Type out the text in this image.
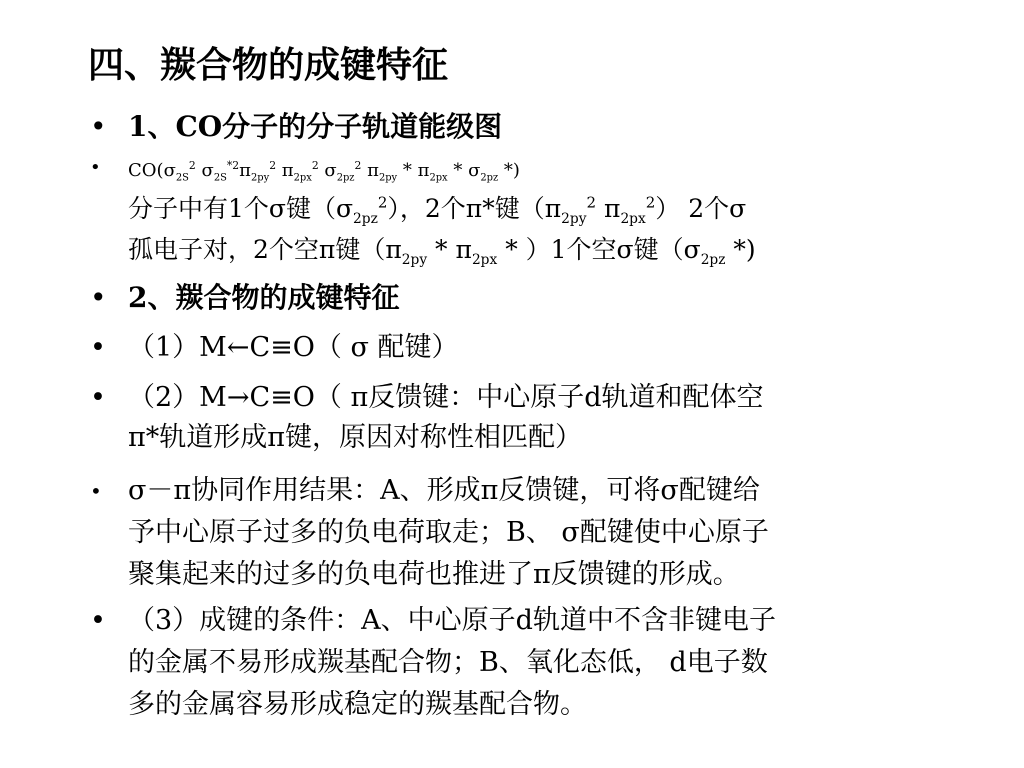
四、羰合物的成键特征
• 1、CO分子的分子轨道能级图
• $CO(\sigma_{2S}^2$ $\sigma_{2S}^{*2}\pi_{2py}^2$ $\pi_{2px}^2$ $\sigma_{2pz}^2$ $\pi_{2py} * \pi_{2px} * \sigma_{2pz}$ *)
分子中有1个σ键$(\sigma_{2pz}^2)$，2个π*键（$\pi_{2py}^2$ $\pi_{2px}^2$） 2个σ
孤电子对，2个空π键$(\pi_{2py} * \pi_{2px} * )1$个空σ键（$\sigma_{2pz}$ *)
• 2、羰合物的成键特征
• （1）M←C≡O（ σ 配键）
• （2）M→C≡O（ π反馈键：中心原子d轨道和配体空
π*轨道形成π键，原因对称性相匹配）
• σ－π协同作用结果：A、形成π反馈键，可将σ配键给
予中心原子过多的负电荷取走；B、 σ配键使中心原子
聚集起来的过多的负电荷也推进了π反馈键的形成。
• （3）成键的条件：A、中心原子d轨道中不含非键电子
的金属不易形成羰基配合物；B、氧化态低， d电子数
多的金属容易形成稳定的羰基配合物。
